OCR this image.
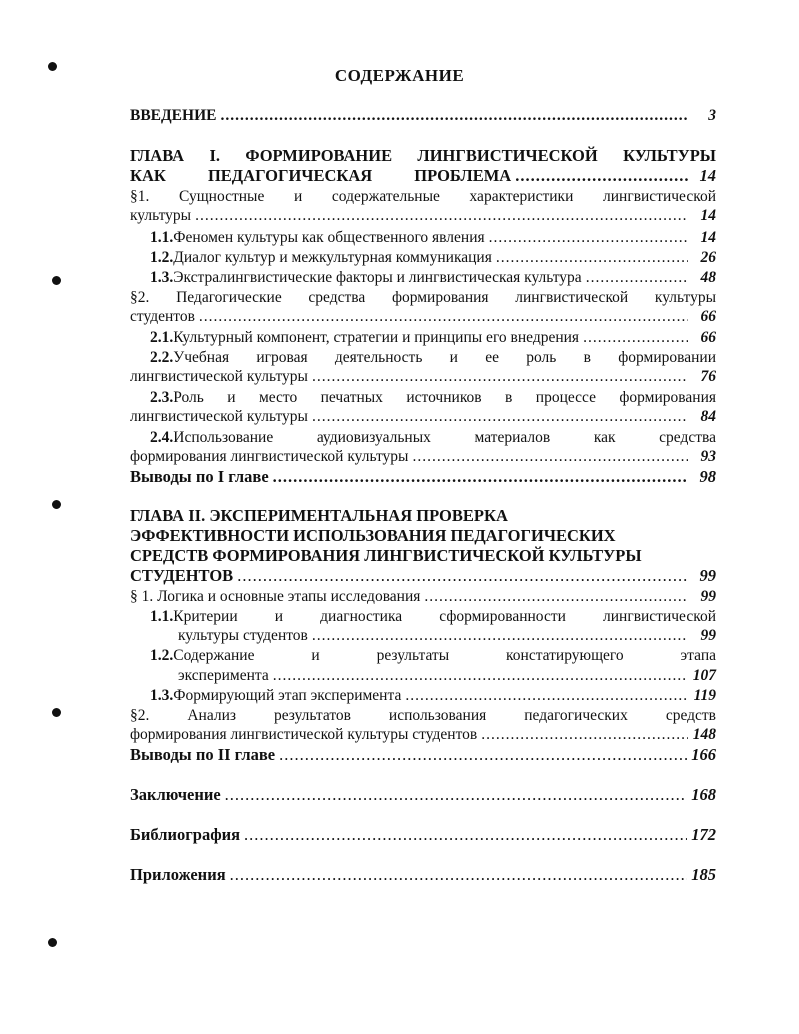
СОДЕРЖАНИЕ
ВВЕДЕНИЕ .....	3
ГЛАВА I. ФОРМИРОВАНИЕ ЛИНГВИСТИЧЕСКОЙ КУЛЬТУРЫ
КАК ПЕДАГОГИЧЕСКАЯ ПРОБЛЕМА .....	14
§1. Сущностные и содержательные характеристики лингвистической
культуры .....	14
1.1. Феномен культуры как общественного явления .....	14
1.2. Диалог культур и межкультурная коммуникация .....	26
1.3. Экстралингвистические факторы и лингвистическая культура .....	48
§2. Педагогические средства формирования лингвистической культуры
студентов .....	66
2.1. Культурный компонент, стратегии и принципы его внедрения .....	66
2.2.Учебная игровая деятельность и ее роль в формировании
лингвистической культуры .....	76
2.3.Роль и место печатных источников в процессе формирования
лингвистической культуры .....	84
2.4.Использование аудиовизуальных материалов как средства
формирования лингвистической культуры .....	93
Выводы по I главе .....	98
ГЛАВА II. ЭКСПЕРИМЕНТАЛЬНАЯ ПРОВЕРКА
ЭФФЕКТИВНОСТИ ИСПОЛЬЗОВАНИЯ ПЕДАГОГИЧЕСКИХ
СРЕДСТВ ФОРМИРОВАНИЯ ЛИНГВИСТИЧЕСКОЙ КУЛЬТУРЫ
СТУДЕНТОВ .....	99
§ 1. Логика и основные этапы исследования .....	99
1.1.Критерии и диагностика сформированности лингвистической
культуры студентов .....	99
1.2.Содержание и результаты констатирующего этапа
эксперимента .....	107
1.3. Формирующий этап эксперимента .....	119
§2. Анализ результатов использования педагогических средств
формирования лингвистической культуры студентов .....	148
Выводы по II главе .....	166
Заключение .....	168
Библиография .....	172
Приложения .....	185
